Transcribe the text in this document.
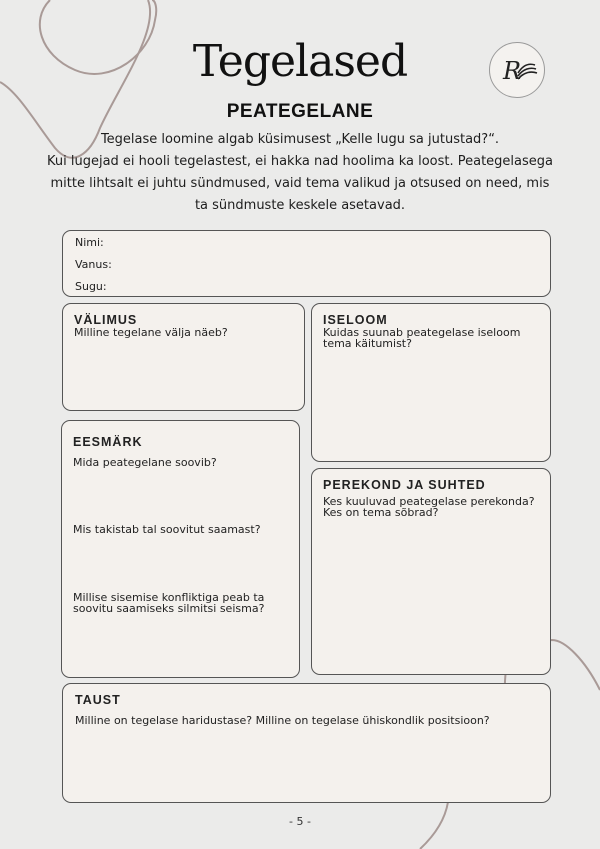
Tegelased	R
PEATEGELANE

Tegelase loomine algab küsimusest „Kelle lugu sa jutustad?“.
Kui lugejad ei hooli tegelastest, ei hakka nad hoolima ka loost. Peategelasega
mitte lihtsalt ei juhtu sündmused, vaid tema valikud ja otsused on need, mis
ta sündmuste keskele asetavad.

Nimi:
Vanus:
Sugu:

VÄLIMUS

Milline tegelane välja näeb?

ISELOOM

Kuidas suunab peategelase iseloom

tema käitumist?

EESMÄRK

Mida peategelane soovib?

Mis takistab tal soovitut saamast?

Millise sisemise konfliktiga peab ta

soovitu saamiseks silmitsi seisma?

PEREKOND JA SUHTED

Kes kuuluvad peategelase perekonda?

Kes on tema sõbrad?

TAUST

Milline on tegelase haridustase? Milline on tegelase ühiskondlik positsioon?

- 5 -
